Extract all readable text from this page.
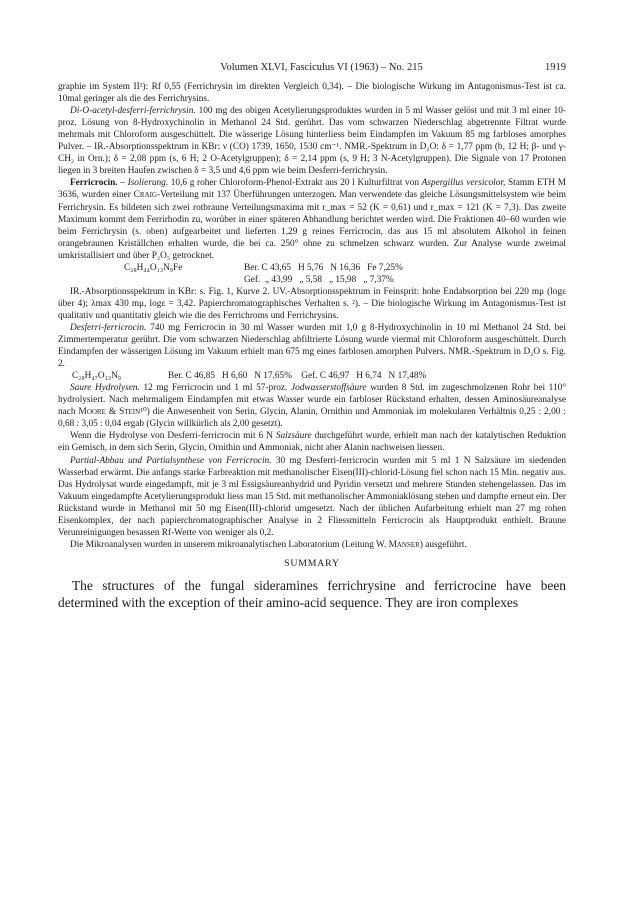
Volumen XLVI, Fasciculus VI (1963) – No. 215	1919

graphie im System II²): Rf 0,55 (Ferrichrysin im direkten Vergleich 0,34). – Die biologische Wirkung im Antagonismus-Test ist ca. 10mal geringer als die des Ferrichrysins.

Di-O-acetyl-desferri-ferrichrysin. 100 mg des obigen Acetylierungsproduktes wurden in 5 ml Wasser gelöst und mit 3 ml einer 10-proz. Lösung von 8-Hydroxychinolin in Methanol 24 Std. gerührt. Das vom schwarzen Niederschlag abgetrennte Filtrat wurde mehrmals mit Chloroform ausgeschüttelt. Die wässerige Lösung hinterliess beim Eindampfen im Vakuum 85 mg farbloses amorphes Pulver. – IR.-Absorptionsspektrum in KBr: ν (CO) 1739, 1650, 1530 cm⁻¹. NMR.-Spektrum in D₂O: δ = 1,77 ppm (b, 12 H; β- und γ-CH₂ in Orn.); δ = 2,08 ppm (s, 6 H; 2 O-Acetylgruppen); δ = 2,14 ppm (s, 9 H; 3 N-Acetylgruppen). Die Signale von 17 Protonen liegen in 3 breiten Haufen zwischen δ = 3,5 und 4,6 ppm wie beim Desferri-ferrichrysin.

Ferricrocin. – Isolierung. 10,6 g roher Chloroform-Phenol-Extrakt aus 20 l Kulturfiltrat von Aspergillus versicolor, Stamm ETH M 3636, wurden einer Craig-Verteilung mit 137 Überführungen unterzogen. Man verwendete das gleiche Lösungsmittelsystem wie beim Ferrichrysin. Es bildeten sich zwei rotbraune Verteilungsmaxima mit r_max = 52 (K = 0,61) und r_max = 121 (K = 7,3). Das zweite Maximum kommt dem Ferrirhodin zu, worüber in einer späteren Abhandlung berichtet werden wird. Die Fraktionen 40–60 wurden wie beim Ferrichrysin (s. oben) aufgearbeitet und lieferten 1,29 g reines Ferricrocin, das aus 15 ml absolutem Alkohol in feinen orangebraunen Kriställchen erhalten wurde, die bei ca. 250° ohne zu schmelzen schwarz wurden. Zur Analyse wurde zweimal umkristallisiert und über P₂O₅ getrocknet.

C₂₈H₄₄O₁₃N₉Fe	Ber. C 43,65   H 5,76   N 16,36   Fe 7,25%
Gef.  „ 43,99   „ 5,58   „ 15,98   „ 7,37%

IR.-Absorptionsspektrum in KBr: s. Fig. 1, Kurve 2. UV.-Absorptionsspektrum in Feinsprit: hohe Endabsorption bei 220 mμ (logε über 4); λmax 430 mμ, logε = 3,42. Papierchromatographisches Verhalten s. ²). – Die biologische Wirkung im Antagonismus-Test ist qualitativ und quantitativ gleich wie die des Ferrichroms und Ferrichrysins.

Desferri-ferricrocin. 740 mg Ferricrocin in 30 ml Wasser wurden mit 1,0 g 8-Hydroxychinolin in 10 ml Methanol 24 Std. bei Zimmertemperatur gerührt. Die vom schwarzen Niederschlag abfiltrierte Lösung wurde viermal mit Chloroform ausgeschüttelt. Durch Eindampfen der wässerigen Lösung im Vakuum erhielt man 675 mg eines farblosen amorphen Pulvers. NMR.-Spektrum in D₂O s. Fig. 2.

C₂₈H₄₇O₁₃N₉	Ber. C 46,85   H 6,60   N 17,65%    Gef. C 46,97   H 6,74   N 17,48%

Saure Hydrolysen. 12 mg Ferricrocin und 1 ml 57-proz. Jodwasserstoffsäure wurden 8 Std. im zugeschmolzenen Rohr bei 110° hydrolysiert. Nach mehrmaligem Eindampfen mit etwas Wasser wurde ein farbloser Rückstand erhalten, dessen Aminosäureanalyse nach Moore & Stein¹⁰) die Anwesenheit von Serin, Glycin, Alanin, Ornithin und Ammoniak im molekularen Verhältnis 0,25 : 2,00 : 0,68 : 3,05 : 0,04 ergab (Glycin willkürlich als 2,00 gesetzt).

Wenn die Hydrolyse von Desferri-ferricrocin mit 6 N Salzsäure durchgeführt wurde, erhielt man nach der katalytischen Reduktion ein Gemisch, in dem sich Serin, Glycin, Ornithin und Ammoniak, nicht aber Alanin nachweisen liessen.

Partial-Abbau und Partialsynthese von Ferricrocin. 30 mg Desferri-ferricrocin wurden mit 5 ml 1 N Salzsäure im siedenden Wasserbad erwärmt. Die anfangs starke Farbreaktion mit methanolischer Eisen(III)-chlorid-Lösung fiel schon nach 15 Min. negativ aus. Das Hydrolysat wurde eingedampft, mit je 3 ml Essigsäureanhydrid und Pyridin versetzt und mehrere Stunden stehengelassen. Das im Vakuum eingedampfte Acetylierungsprodukt liess man 15 Std. mit methanolischer Ammoniaklösung stehen und dampfte erneut ein. Der Rückstand wurde in Methanol mit 50 mg Eisen(III)-chlorid umgesetzt. Nach der üblichen Aufarbeitung erhielt man 27 mg rohen Eisenkomplex, der nach papierchromatographischer Analyse in 2 Fliessmitteln Ferricrocin als Hauptprodukt enthielt. Braune Verunreinigungen besassen Rf-Werte von weniger als 0,2.

Die Mikroanalysen wurden in unserem mikroanalytischen Laboratorium (Leitung W. Manser) ausgeführt.

SUMMARY

The structures of the fungal sideramines ferrichrysine and ferricrocine have been determined with the exception of their amino-acid sequence. They are iron complexes
